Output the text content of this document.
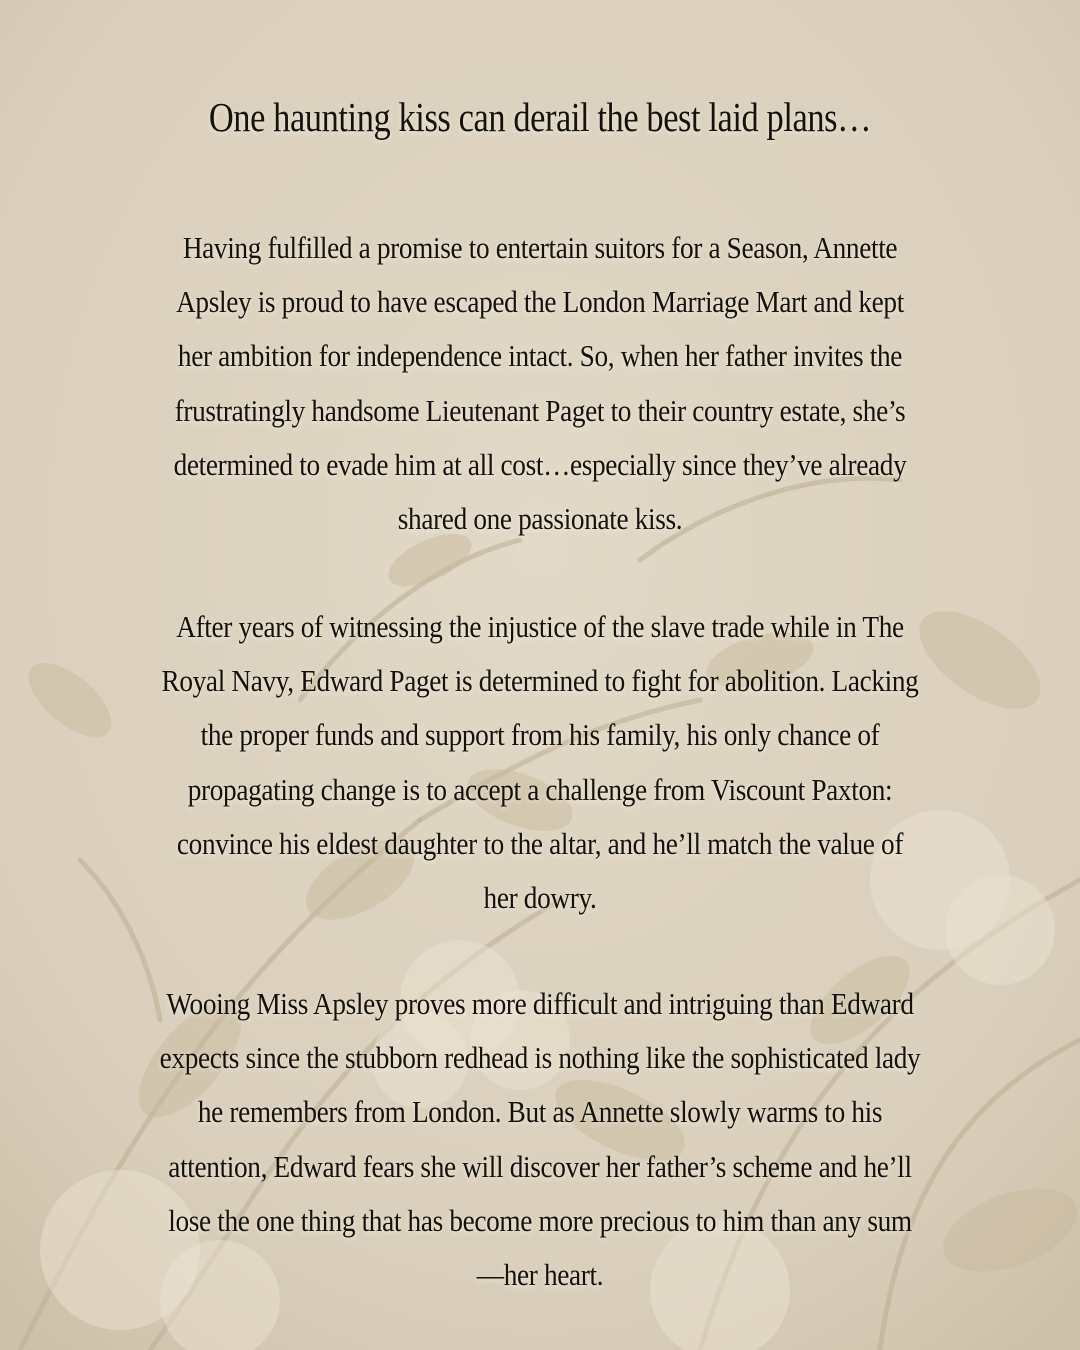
One haunting kiss can derail the best laid plans…

Having fulfilled a promise to entertain suitors for a Season, Annette
Apsley is proud to have escaped the London Marriage Mart and kept
her ambition for independence intact. So, when her father invites the
frustratingly handsome Lieutenant Paget to their country estate, she’s
determined to evade him at all cost…especially since they’ve already
shared one passionate kiss.

After years of witnessing the injustice of the slave trade while in The
Royal Navy, Edward Paget is determined to fight for abolition. Lacking
the proper funds and support from his family, his only chance of
propagating change is to accept a challenge from Viscount Paxton:
convince his eldest daughter to the altar, and he’ll match the value of
her dowry.

Wooing Miss Apsley proves more difficult and intriguing than Edward
expects since the stubborn redhead is nothing like the sophisticated lady
he remembers from London. But as Annette slowly warms to his
attention, Edward fears she will discover her father’s scheme and he’ll
lose the one thing that has become more precious to him than any sum
—her heart.
